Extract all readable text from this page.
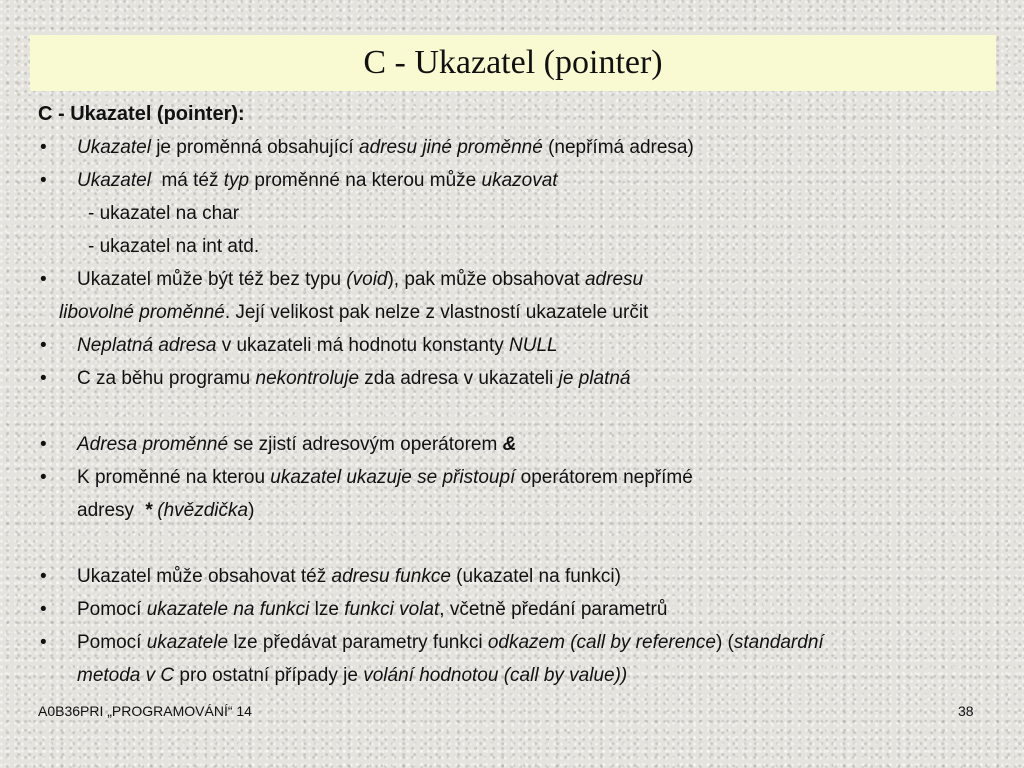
C - Ukazatel (pointer)
C - Ukazatel (pointer):
• Ukazatel je proměnná obsahující adresu jiné proměnné (nepřímá adresa)
• Ukazatel  má též typ proměnné na kterou může ukazovat
- ukazatel na char
- ukazatel na int atd.
• Ukazatel může být též bez typu (void), pak může obsahovat adresu
libovolné proměnné. Její velikost pak nelze z vlastností ukazatele určit
• Neplatná adresa v ukazateli má hodnotu konstanty NULL
• C za běhu programu nekontroluje zda adresa v ukazateli je platná
• Adresa proměnné se zjistí adresovým operátorem &
• K proměnné na kterou ukazatel ukazuje se přistoupí operátorem nepřímé
adresy  * (hvězdička)
• Ukazatel může obsahovat též adresu funkce (ukazatel na funkci)
• Pomocí ukazatele na funkci lze funkci volat, včetně předání parametrů
• Pomocí ukazatele lze předávat parametry funkci odkazem (call by reference) (standardní
metoda v C pro ostatní případy je volání hodnotou (call by value))
A0B36PRI „PROGRAMOVÁNÍ“ 14	38
